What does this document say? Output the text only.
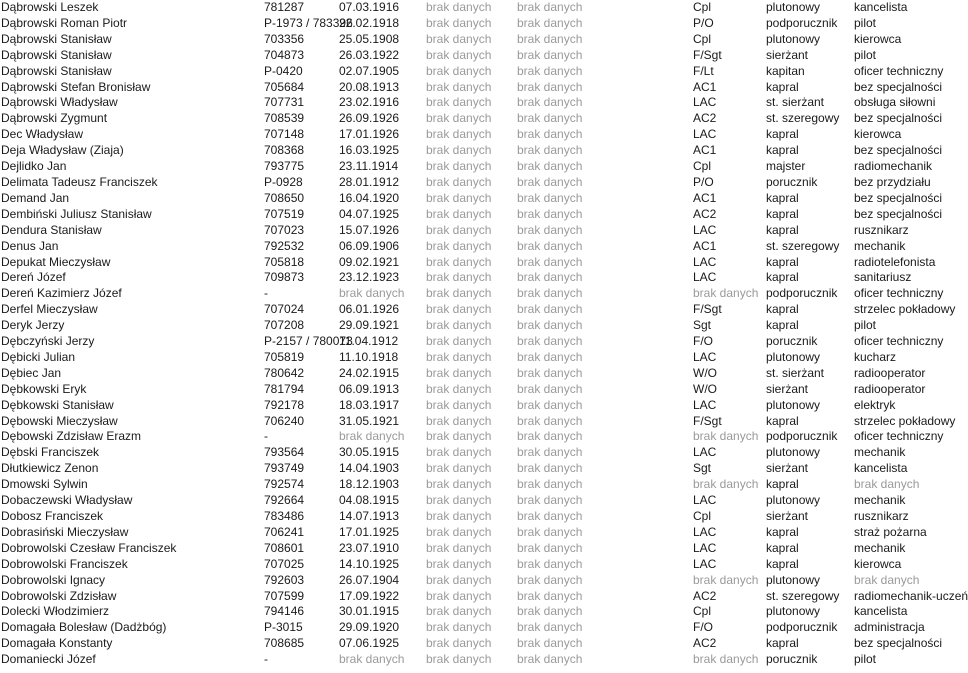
Dąbrowski Leszek	781287	07.03.1916	brak danych	brak danych	Cpl	plutonowy	kancelista
Dąbrowski Roman Piotr	P-1973 / 783396	22.02.1918	brak danych	brak danych	P/O	podporucznik	pilot
Dąbrowski Stanisław	703356	25.05.1908	brak danych	brak danych	Cpl	plutonowy	kierowca
Dąbrowski Stanisław	704873	26.03.1922	brak danych	brak danych	F/Sgt	sierżant	pilot
Dąbrowski Stanisław	P-0420	02.07.1905	brak danych	brak danych	F/Lt	kapitan	oficer techniczny
Dąbrowski Stefan Bronisław	705684	20.08.1913	brak danych	brak danych	AC1	kapral	bez specjalności
Dąbrowski Władysław	707731	23.02.1916	brak danych	brak danych	LAC	st. sierżant	obsługa siłowni
Dąbrowski Zygmunt	708539	26.09.1926	brak danych	brak danych	AC2	st. szeregowy	bez specjalności
Dec Władysław	707148	17.01.1926	brak danych	brak danych	LAC	kapral	kierowca
Deja Władysław (Ziaja)	708368	16.03.1925	brak danych	brak danych	AC1	kapral	bez specjalności
Dejlidko Jan	793775	23.11.1914	brak danych	brak danych	Cpl	majster	radiomechanik
Delimata Tadeusz Franciszek	P-0928	28.01.1912	brak danych	brak danych	P/O	porucznik	bez przydziału
Demand Jan	708650	16.04.1920	brak danych	brak danych	AC1	kapral	bez specjalności
Dembiński Juliusz Stanisław	707519	04.07.1925	brak danych	brak danych	AC2	kapral	bez specjalności
Dendura Stanisław	707023	15.07.1926	brak danych	brak danych	LAC	kapral	rusznikarz
Denus Jan	792532	06.09.1906	brak danych	brak danych	AC1	st. szeregowy	mechanik
Depukat Mieczysław	705818	09.02.1921	brak danych	brak danych	LAC	kapral	radiotelefonista
Dereń Józef	709873	23.12.1923	brak danych	brak danych	LAC	kapral	sanitariusz
Dereń Kazimierz Józef	-	brak danych	brak danych	brak danych	brak danych	podporucznik	oficer techniczny
Derfel Mieczysław	707024	06.01.1926	brak danych	brak danych	F/Sgt	kapral	strzelec pokładowy
Deryk Jerzy	707208	29.09.1921	brak danych	brak danych	Sgt	kapral	pilot
Dębczyński Jerzy	P-2157 / 780073	11.04.1912	brak danych	brak danych	F/O	porucznik	oficer techniczny
Dębicki Julian	705819	11.10.1918	brak danych	brak danych	LAC	plutonowy	kucharz
Dębiec Jan	780642	24.02.1915	brak danych	brak danych	W/O	st. sierżant	radiooperator
Dębkowski Eryk	781794	06.09.1913	brak danych	brak danych	W/O	sierżant	radiooperator
Dębkowski Stanisław	792178	18.03.1917	brak danych	brak danych	LAC	plutonowy	elektryk
Dębowski Mieczysław	706240	31.05.1921	brak danych	brak danych	F/Sgt	kapral	strzelec pokładowy
Dębowski Zdzisław Erazm	-	brak danych	brak danych	brak danych	brak danych	podporucznik	oficer techniczny
Dębski Franciszek	793564	30.05.1915	brak danych	brak danych	LAC	plutonowy	mechanik
Dłutkiewicz Zenon	793749	14.04.1903	brak danych	brak danych	Sgt	sierżant	kancelista
Dmowski Sylwin	792574	18.12.1903	brak danych	brak danych	brak danych	kapral	brak danych
Dobaczewski Władysław	792664	04.08.1915	brak danych	brak danych	LAC	plutonowy	mechanik
Dobosz Franciszek	783486	14.07.1913	brak danych	brak danych	Cpl	sierżant	rusznikarz
Dobrasiński Mieczysław	706241	17.01.1925	brak danych	brak danych	LAC	kapral	straż pożarna
Dobrowolski Czesław Franciszek	708601	23.07.1910	brak danych	brak danych	LAC	kapral	mechanik
Dobrowolski Franciszek	707025	14.10.1925	brak danych	brak danych	LAC	kapral	kierowca
Dobrowolski Ignacy	792603	26.07.1904	brak danych	brak danych	brak danych	plutonowy	brak danych
Dobrowolski Zdzisław	707599	17.09.1922	brak danych	brak danych	AC2	st. szeregowy	radiomechanik-uczeń
Dolecki Włodzimierz	794146	30.01.1915	brak danych	brak danych	Cpl	plutonowy	kancelista
Domagała Bolesław (Dadżbóg)	P-3015	29.09.1920	brak danych	brak danych	F/O	podporucznik	administracja
Domagała Konstanty	708685	07.06.1925	brak danych	brak danych	AC2	kapral	bez specjalności
Domaniecki Józef	-	brak danych	brak danych	brak danych	brak danych	porucznik	pilot
